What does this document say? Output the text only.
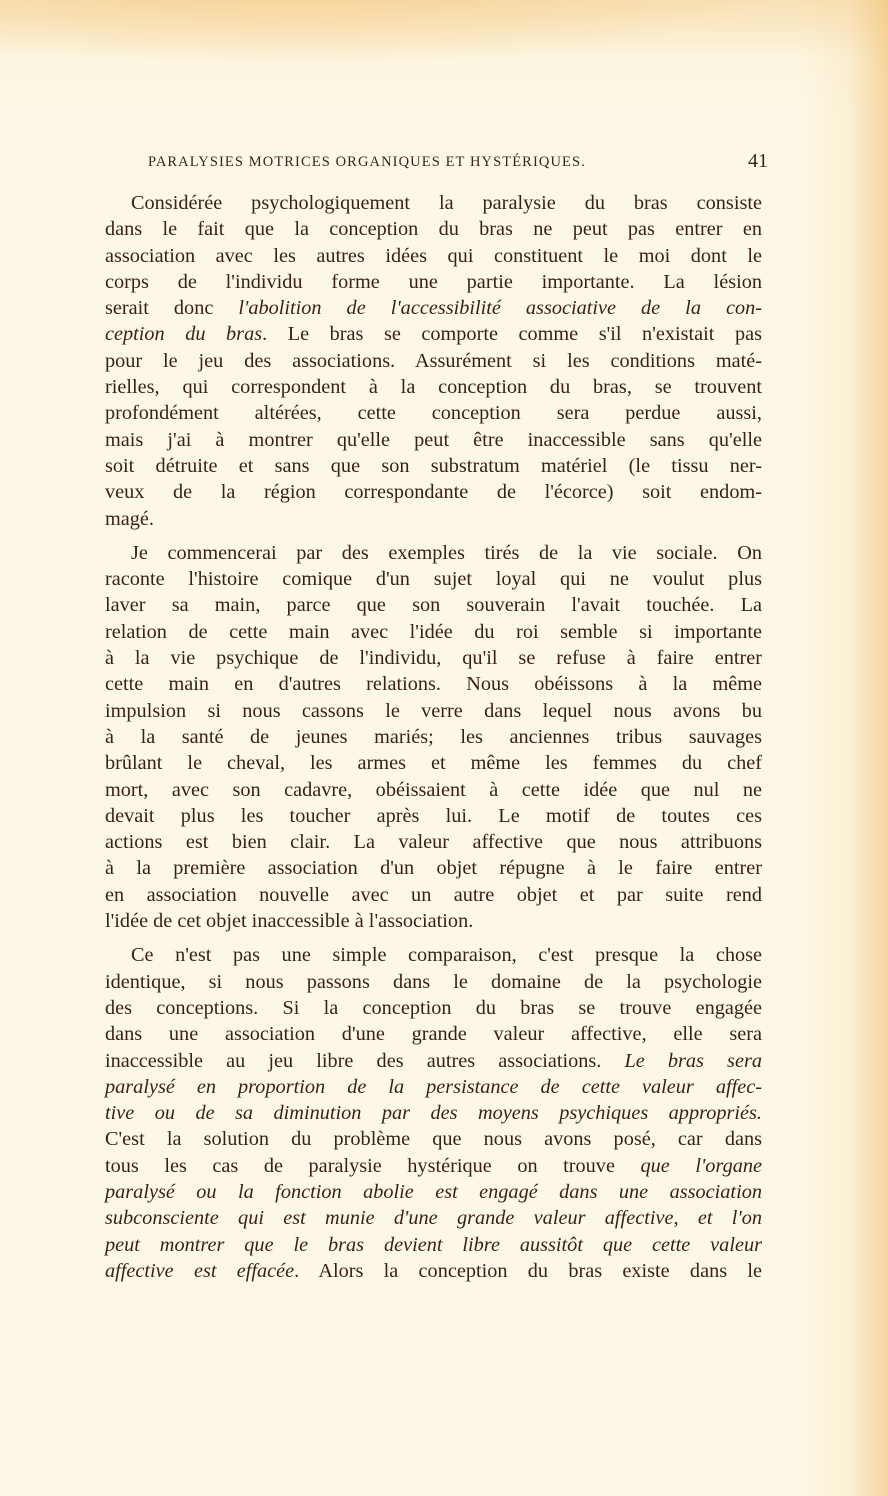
PARALYSIES MOTRICES ORGANIQUES ET HYSTÉRIQUES.	41
Considérée psychologiquement la paralysie du bras consiste
dans le fait que la conception du bras ne peut pas entrer en
association avec les autres idées qui constituent le moi dont le
corps de l'individu forme une partie importante. La lésion
serait donc l'abolition de l'accessibilité associative de la con-
ception du bras. Le bras se comporte comme s'il n'existait pas
pour le jeu des associations. Assurément si les conditions maté-
rielles, qui correspondent à la conception du bras, se trouvent
profondément altérées, cette conception sera perdue aussi,
mais j'ai à montrer qu'elle peut être inaccessible sans qu'elle
soit détruite et sans que son substratum matériel (le tissu ner-
veux de la région correspondante de l'écorce) soit endom-
magé.
Je commencerai par des exemples tirés de la vie sociale. On
raconte l'histoire comique d'un sujet loyal qui ne voulut plus
laver sa main, parce que son souverain l'avait touchée. La
relation de cette main avec l'idée du roi semble si importante
à la vie psychique de l'individu, qu'il se refuse à faire entrer
cette main en d'autres relations. Nous obéissons à la même
impulsion si nous cassons le verre dans lequel nous avons bu
à la santé de jeunes mariés; les anciennes tribus sauvages
brûlant le cheval, les armes et même les femmes du chef
mort, avec son cadavre, obéissaient à cette idée que nul ne
devait plus les toucher après lui. Le motif de toutes ces
actions est bien clair. La valeur affective que nous attribuons
à la première association d'un objet répugne à le faire entrer
en association nouvelle avec un autre objet et par suite rend
l'idée de cet objet inaccessible à l'association.
Ce n'est pas une simple comparaison, c'est presque la chose
identique, si nous passons dans le domaine de la psychologie
des conceptions. Si la conception du bras se trouve engagée
dans une association d'une grande valeur affective, elle sera
inaccessible au jeu libre des autres associations. Le bras sera
paralysé en proportion de la persistance de cette valeur affec-
tive ou de sa diminution par des moyens psychiques appropriés.
C'est la solution du problème que nous avons posé, car dans
tous les cas de paralysie hystérique on trouve que l'organe
paralysé ou la fonction abolie est engagé dans une association
subconsciente qui est munie d'une grande valeur affective, et l'on
peut montrer que le bras devient libre aussitôt que cette valeur
affective est effacée. Alors la conception du bras existe dans le
